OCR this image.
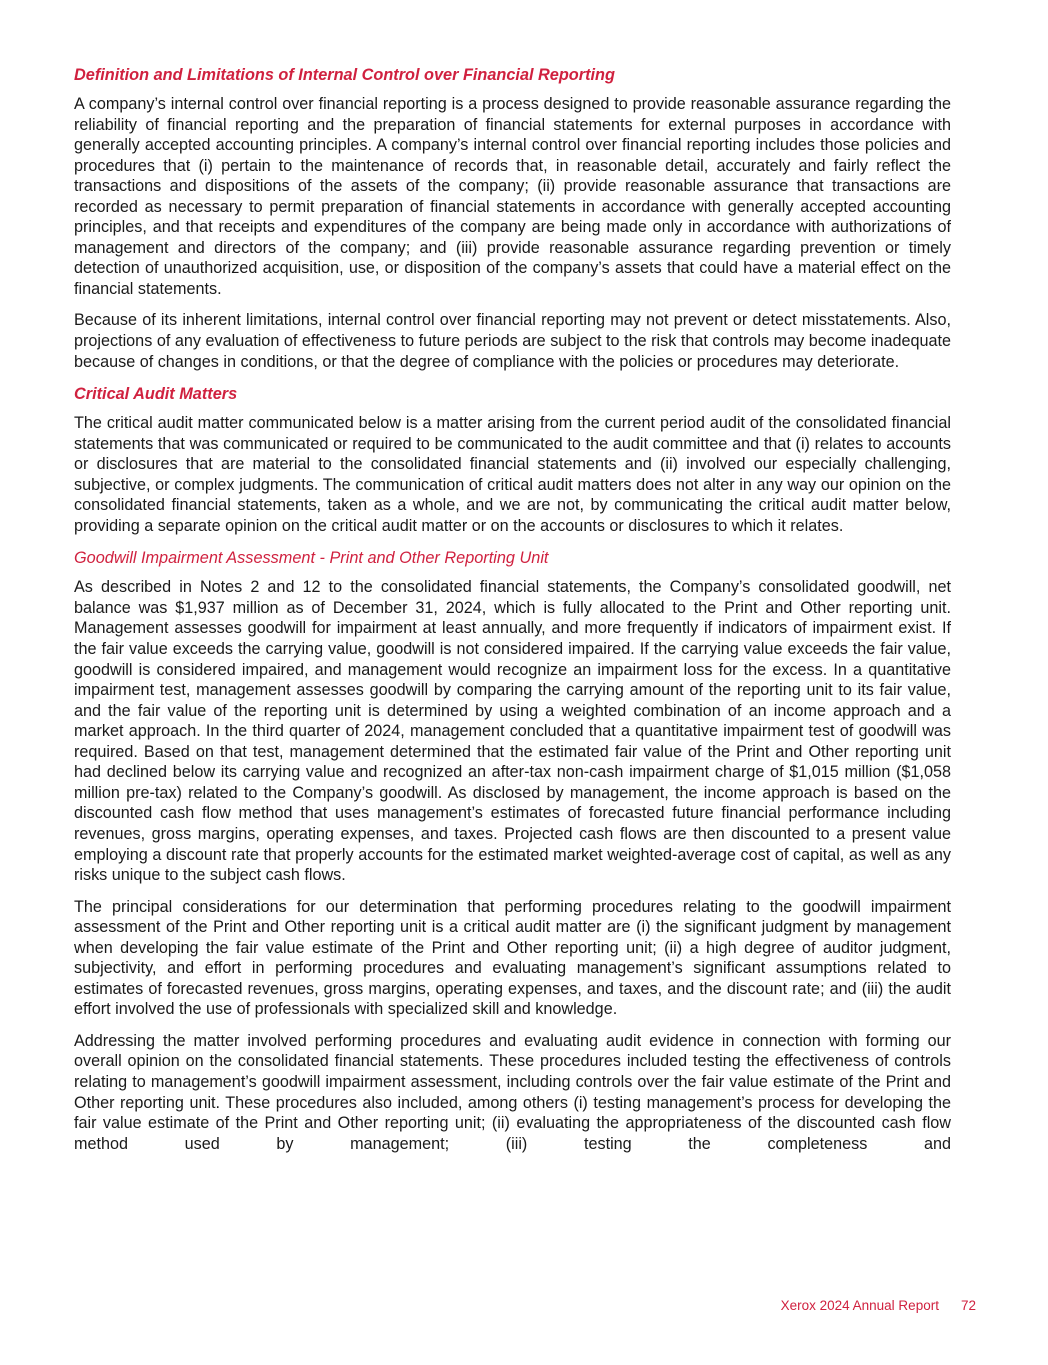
Definition and Limitations of Internal Control over Financial Reporting

A company’s internal control over financial reporting is a process designed to provide reasonable assurance regarding the reliability of financial reporting and the preparation of financial statements for external purposes in accordance with generally accepted accounting principles. A company’s internal control over financial reporting includes those policies and procedures that (i) pertain to the maintenance of records that, in reasonable detail, accurately and fairly reflect the transactions and dispositions of the assets of the company; (ii) provide reasonable assurance that transactions are recorded as necessary to permit preparation of financial statements in accordance with generally accepted accounting principles, and that receipts and expenditures of the company are being made only in accordance with authorizations of management and directors of the company; and (iii) provide reasonable assurance regarding prevention or timely detection of unauthorized acquisition, use, or disposition of the company’s assets that could have a material effect on the financial statements.

Because of its inherent limitations, internal control over financial reporting may not prevent or detect misstatements. Also, projections of any evaluation of effectiveness to future periods are subject to the risk that controls may become inadequate because of changes in conditions, or that the degree of compliance with the policies or procedures may deteriorate.

Critical Audit Matters

The critical audit matter communicated below is a matter arising from the current period audit of the consolidated financial statements that was communicated or required to be communicated to the audit committee and that (i) relates to accounts or disclosures that are material to the consolidated financial statements and (ii) involved our especially challenging, subjective, or complex judgments. The communication of critical audit matters does not alter in any way our opinion on the consolidated financial statements, taken as a whole, and we are not, by communicating the critical audit matter below, providing a separate opinion on the critical audit matter or on the accounts or disclosures to which it relates.

Goodwill Impairment Assessment - Print and Other Reporting Unit

As described in Notes 2 and 12 to the consolidated financial statements, the Company’s consolidated goodwill, net balance was $1,937 million as of December 31, 2024, which is fully allocated to the Print and Other reporting unit. Management assesses goodwill for impairment at least annually, and more frequently if indicators of impairment exist. If the fair value exceeds the carrying value, goodwill is not considered impaired. If the carrying value exceeds the fair value, goodwill is considered impaired, and management would recognize an impairment loss for the excess. In a quantitative impairment test, management assesses goodwill by comparing the carrying amount of the reporting unit to its fair value, and the fair value of the reporting unit is determined by using a weighted combination of an income approach and a market approach. In the third quarter of 2024, management concluded that a quantitative impairment test of goodwill was required. Based on that test, management determined that the estimated fair value of the Print and Other reporting unit had declined below its carrying value and recognized an after-tax non-cash impairment charge of $1,015 million ($1,058 million pre-tax) related to the Company’s goodwill. As disclosed by management, the income approach is based on the discounted cash flow method that uses management’s estimates of forecasted future financial performance including revenues, gross margins, operating expenses, and taxes. Projected cash flows are then discounted to a present value employing a discount rate that properly accounts for the estimated market weighted-average cost of capital, as well as any risks unique to the subject cash flows.

The principal considerations for our determination that performing procedures relating to the goodwill impairment assessment of the Print and Other reporting unit is a critical audit matter are (i) the significant judgment by management when developing the fair value estimate of the Print and Other reporting unit; (ii) a high degree of auditor judgment, subjectivity, and effort in performing procedures and evaluating management’s significant assumptions related to estimates of forecasted revenues, gross margins, operating expenses, and taxes, and the discount rate; and (iii) the audit effort involved the use of professionals with specialized skill and knowledge.

Addressing the matter involved performing procedures and evaluating audit evidence in connection with forming our overall opinion on the consolidated financial statements. These procedures included testing the effectiveness of controls relating to management’s goodwill impairment assessment, including controls over the fair value estimate of the Print and Other reporting unit. These procedures also included, among others (i) testing management’s process for developing the fair value estimate of the Print and Other reporting unit; (ii) evaluating the appropriateness of the discounted cash flow method used by management; (iii) testing the completeness and

Xerox 2024 Annual Report 72
